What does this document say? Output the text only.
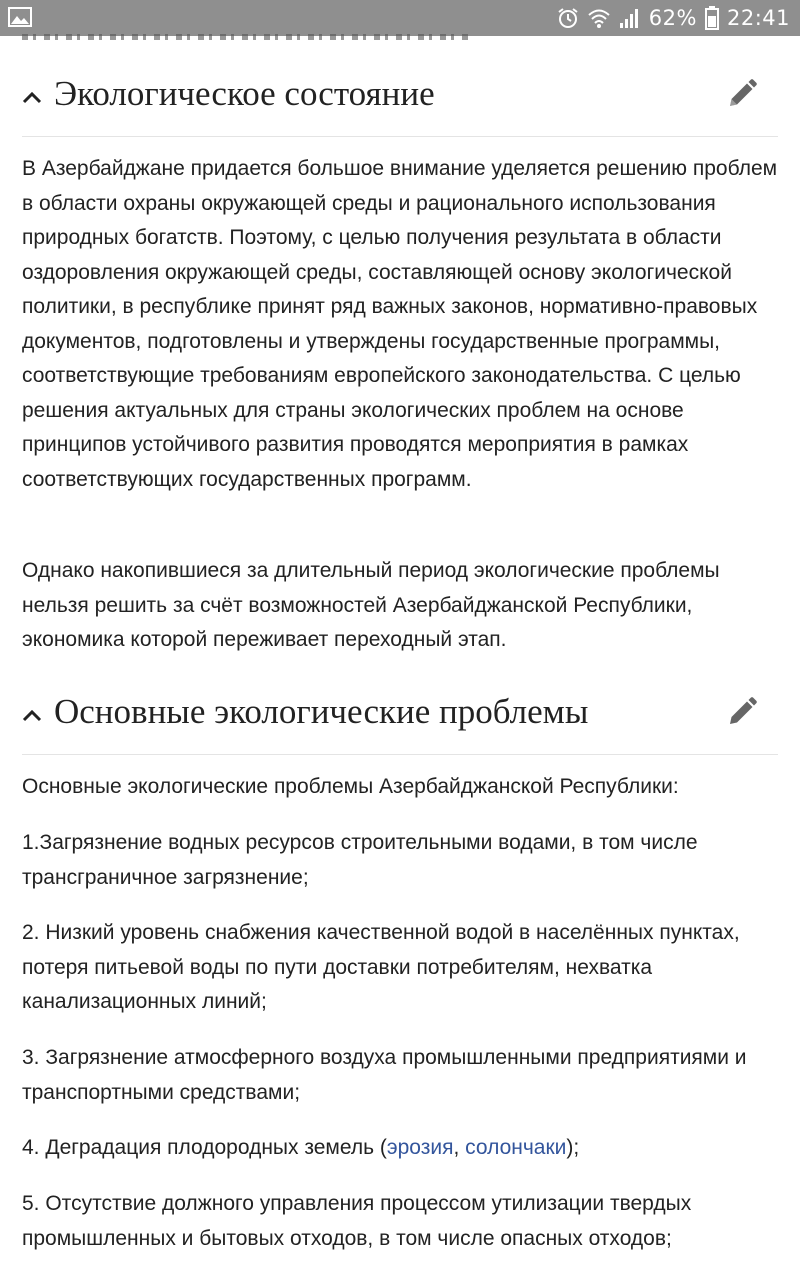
62% 22:41
Экологическое состояние

В Азербайджане придается большое внимание уделяется решению проблем в области охраны окружающей среды и рационального использования природных богатств. Поэтому, с целью получения результата в области оздоровления окружающей среды, составляющей основу экологической политики, в республике принят ряд важных законов, нормативно-правовых документов, подготовлены и утверждены государственные программы, соответствующие требованиям европейского законодательства. С целью решения актуальных для страны экологических проблем на основе принципов устойчивого развития проводятся мероприятия в рамках соответствующих государственных программ.

Однако накопившиеся за длительный период экологические проблемы нельзя решить за счёт возможностей Азербайджанской Республики, экономика которой переживает переходный этап.

Основные экологические проблемы

Основные экологические проблемы Азербайджанской Республики:

1.Загрязнение водных ресурсов строительными водами, в том числе трансграничное загрязнение;

2. Низкий уровень снабжения качественной водой в населённых пунктах, потеря питьевой воды по пути доставки потребителям, нехватка канализационных линий;

3. Загрязнение атмосферного воздуха промышленными предприятиями и транспортными средствами;

4. Деградация плодородных земель (эрозия, солончаки);

5. Отсутствие должного управления процессом утилизации твердых промышленных и бытовых отходов, в том числе опасных отходов;
